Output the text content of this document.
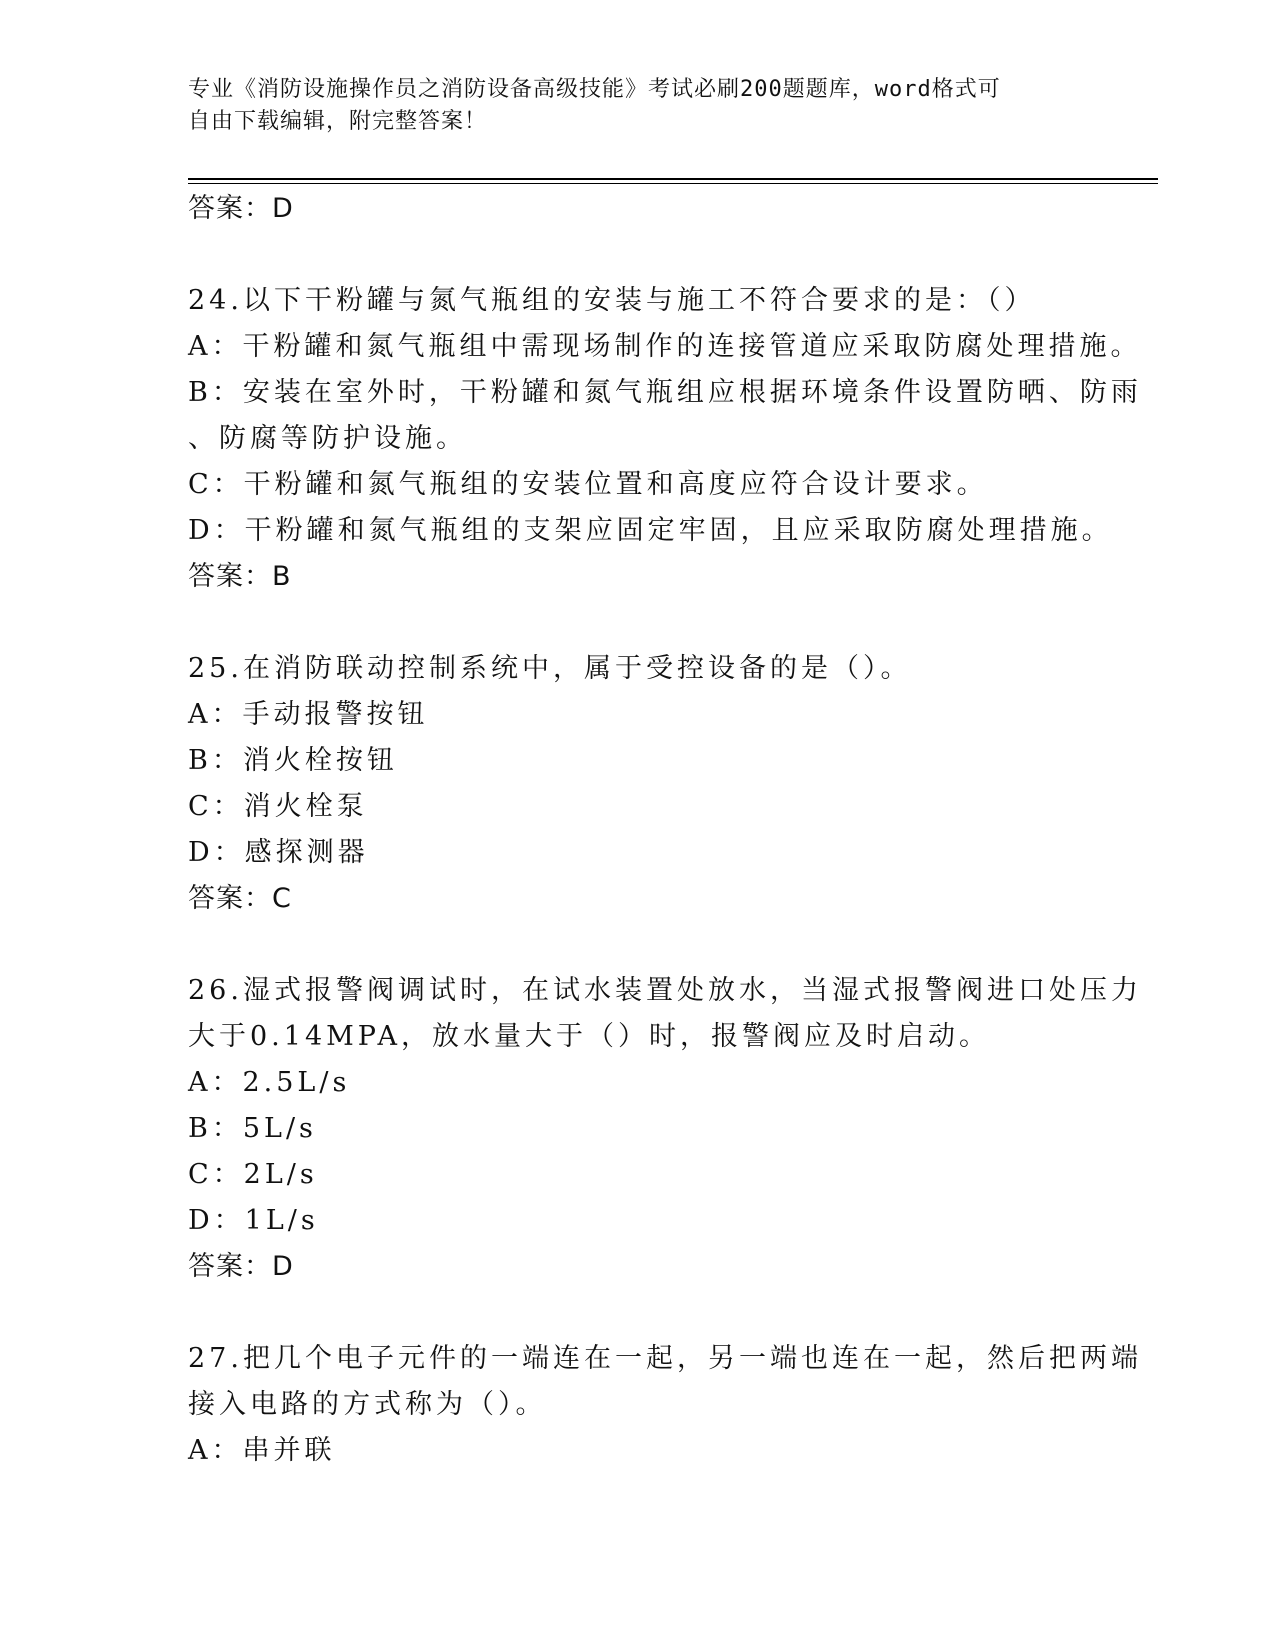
专业《消防设施操作员之消防设备高级技能》考试必刷200题题库，word格式可
自由下载编辑，附完整答案！
答案：D
24.以下干粉罐与氮气瓶组的安装与施工不符合要求的是：（）
A：干粉罐和氮气瓶组中需现场制作的连接管道应采取防腐处理措施。
B：安装在室外时，干粉罐和氮气瓶组应根据环境条件设置防晒、防雨
、防腐等防护设施。
C：干粉罐和氮气瓶组的安装位置和高度应符合设计要求。
D：干粉罐和氮气瓶组的支架应固定牢固，且应采取防腐处理措施。
答案：B
25.在消防联动控制系统中，属于受控设备的是（）。
A：手动报警按钮
B：消火栓按钮
C：消火栓泵
D：感探测器
答案：C
26.湿式报警阀调试时，在试水装置处放水，当湿式报警阀进口处压力
大于0.14MPA，放水量大于（）时，报警阀应及时启动。
A：2.5L/s
B：5L/s
C：2L/s
D：1L/s
答案：D
27.把几个电子元件的一端连在一起，另一端也连在一起，然后把两端
接入电路的方式称为（）。
A：串并联
